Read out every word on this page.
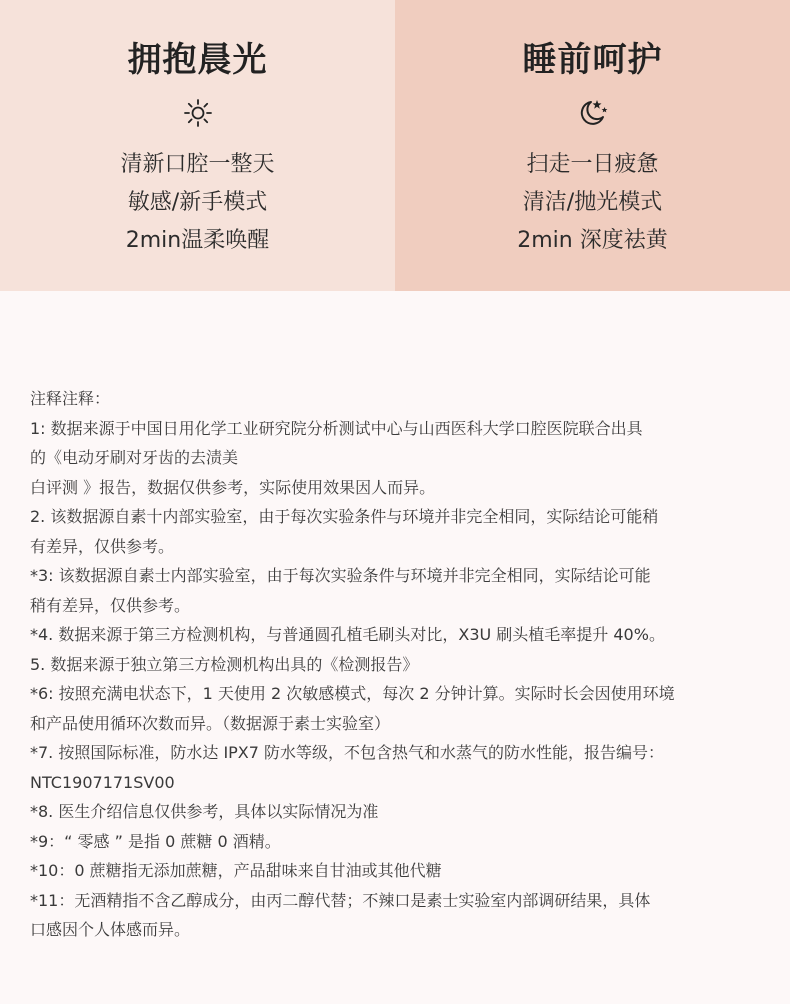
拥抱晨光
清新口腔一整天
敏感/新手模式
2min温柔唤醒
睡前呵护
扫走一日疲惫
清洁/抛光模式
2min 深度祛黄
注释注释：
1: 数据来源于中国日用化学工业研究院分析测试中心与山西医科大学口腔医院联合出具
的《电动牙刷对牙齿的去渍美
白评测 》报告，数据仅供参考，实际使用效果因人而异。
2. 该数据源自素十内部实验室，由于每次实验条件与环境并非完全相同，实际结论可能稍
有差异，仅供参考。
*3: 该数据源自素士内部实验室，由于每次实验条件与环境并非完全相同，实际结论可能
稍有差异，仅供参考。
*4. 数据来源于第三方检测机构，与普通圆孔植毛刷头对比，X3U 刷头植毛率提升 40%。
5. 数据来源于独立第三方检测机构出具的《检测报告》
*6: 按照充满电状态下，1 天使用 2 次敏感模式，每次 2 分钟计算。实际时长会因使用环境
和产品使用循环次数而异。（数据源于素士实验室）
*7. 按照国际标准，防水达 IPX7 防水等级，不包含热气和水蒸气的防水性能，报告编号：
NTC1907171SV00
*8. 医生介绍信息仅供参考，具体以实际情况为准
*9：“ 零感 ” 是指 0 蔗糖 0 酒精。
*10：0 蔗糖指无添加蔗糖，产品甜味来自甘油或其他代糖
*11：无酒精指不含乙醇成分，由丙二醇代替；不辣口是素士实验室内部调研结果，具体
口感因个人体感而异。
